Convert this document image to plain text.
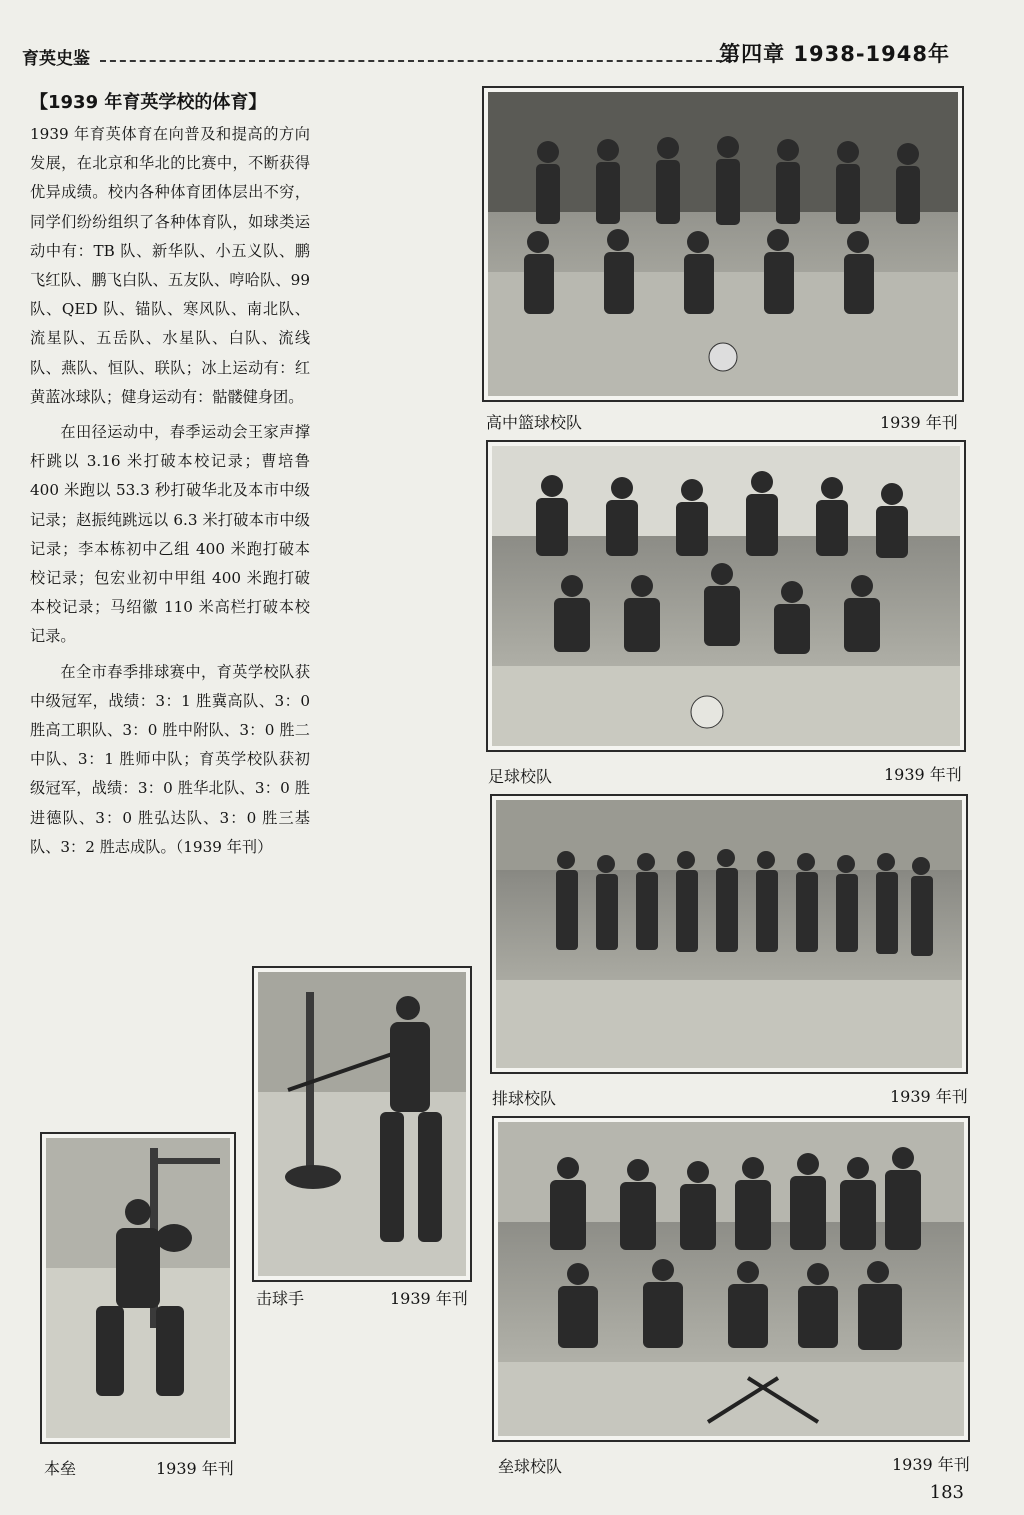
育英史鉴	第四章 1938-1948年
【1939 年育英学校的体育】

1939 年育英体育在向普及和提高的方向发展，在北京和华北的比赛中，不断获得优异成绩。校内各种体育团体层出不穷，同学们纷纷组织了各种体育队，如球类运动中有：TB 队、新华队、小五义队、鹏飞红队、鹏飞白队、五友队、哼哈队、99 队、QED 队、锚队、寒风队、南北队、流星队、五岳队、水星队、白队、流线队、燕队、恒队、联队；冰上运动有：红黄蓝冰球队；健身运动有：骷髅健身团。

在田径运动中，春季运动会王家声撑杆跳以 3.16 米打破本校记录；曹培鲁 400 米跑以 53.3 秒打破华北及本市中级记录；赵振纯跳远以 6.3 米打破本市中级记录；李本栋初中乙组 400 米跑打破本校记录；包宏业初中甲组 400 米跑打破本校记录；马绍徽 110 米高栏打破本校记录。

在全市春季排球赛中，育英学校队获中级冠军，战绩：3：1 胜冀高队、3：0 胜高工职队、3：0 胜中附队、3：0 胜二中队、3：1 胜师中队；育英学校队获初级冠军，战绩：3：0 胜华北队、3：0 胜进德队、3：0 胜弘达队、3：0 胜三基队、3：2 胜志成队。（1939 年刊）

高中篮球校队	1939 年刊
足球校队	1939 年刊
排球校队	1939 年刊
击球手	1939 年刊
本垒	1939 年刊	垒球校队	1939 年刊
183
